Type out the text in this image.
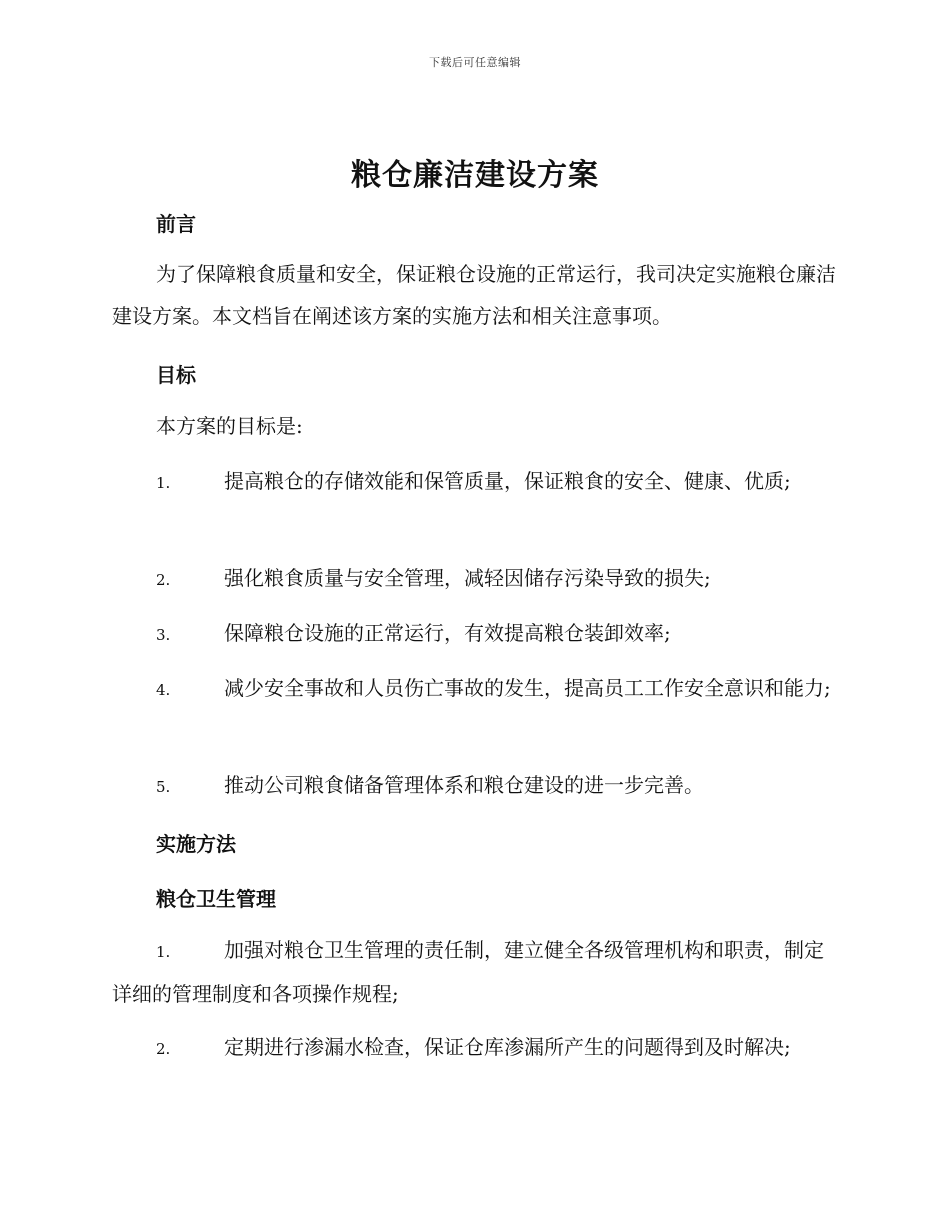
下载后可任意编辑
粮仓廉洁建设方案
前言

为了保障粮食质量和安全，保证粮仓设施的正常运行，我司决定实施粮仓廉洁建设方案。本文档旨在阐述该方案的实施方法和相关注意事项。

目标

本方案的目标是:

1.	提高粮仓的存储效能和保管质量，保证粮食的安全、健康、优质;
2.	强化粮食质量与安全管理，减轻因储存污染导致的损失;
3.	保障粮仓设施的正常运行，有效提高粮仓装卸效率;
4.	减少安全事故和人员伤亡事故的发生，提高员工工作安全意识和能力;
5.	推动公司粮食储备管理体系和粮仓建设的进一步完善。
实施方法
粮仓卫生管理
1.	加强对粮仓卫生管理的责任制，建立健全各级管理机构和职责，制定详细的管理制度和各项操作规程;
2.	定期进行渗漏水检查，保证仓库渗漏所产生的问题得到及时解决;
